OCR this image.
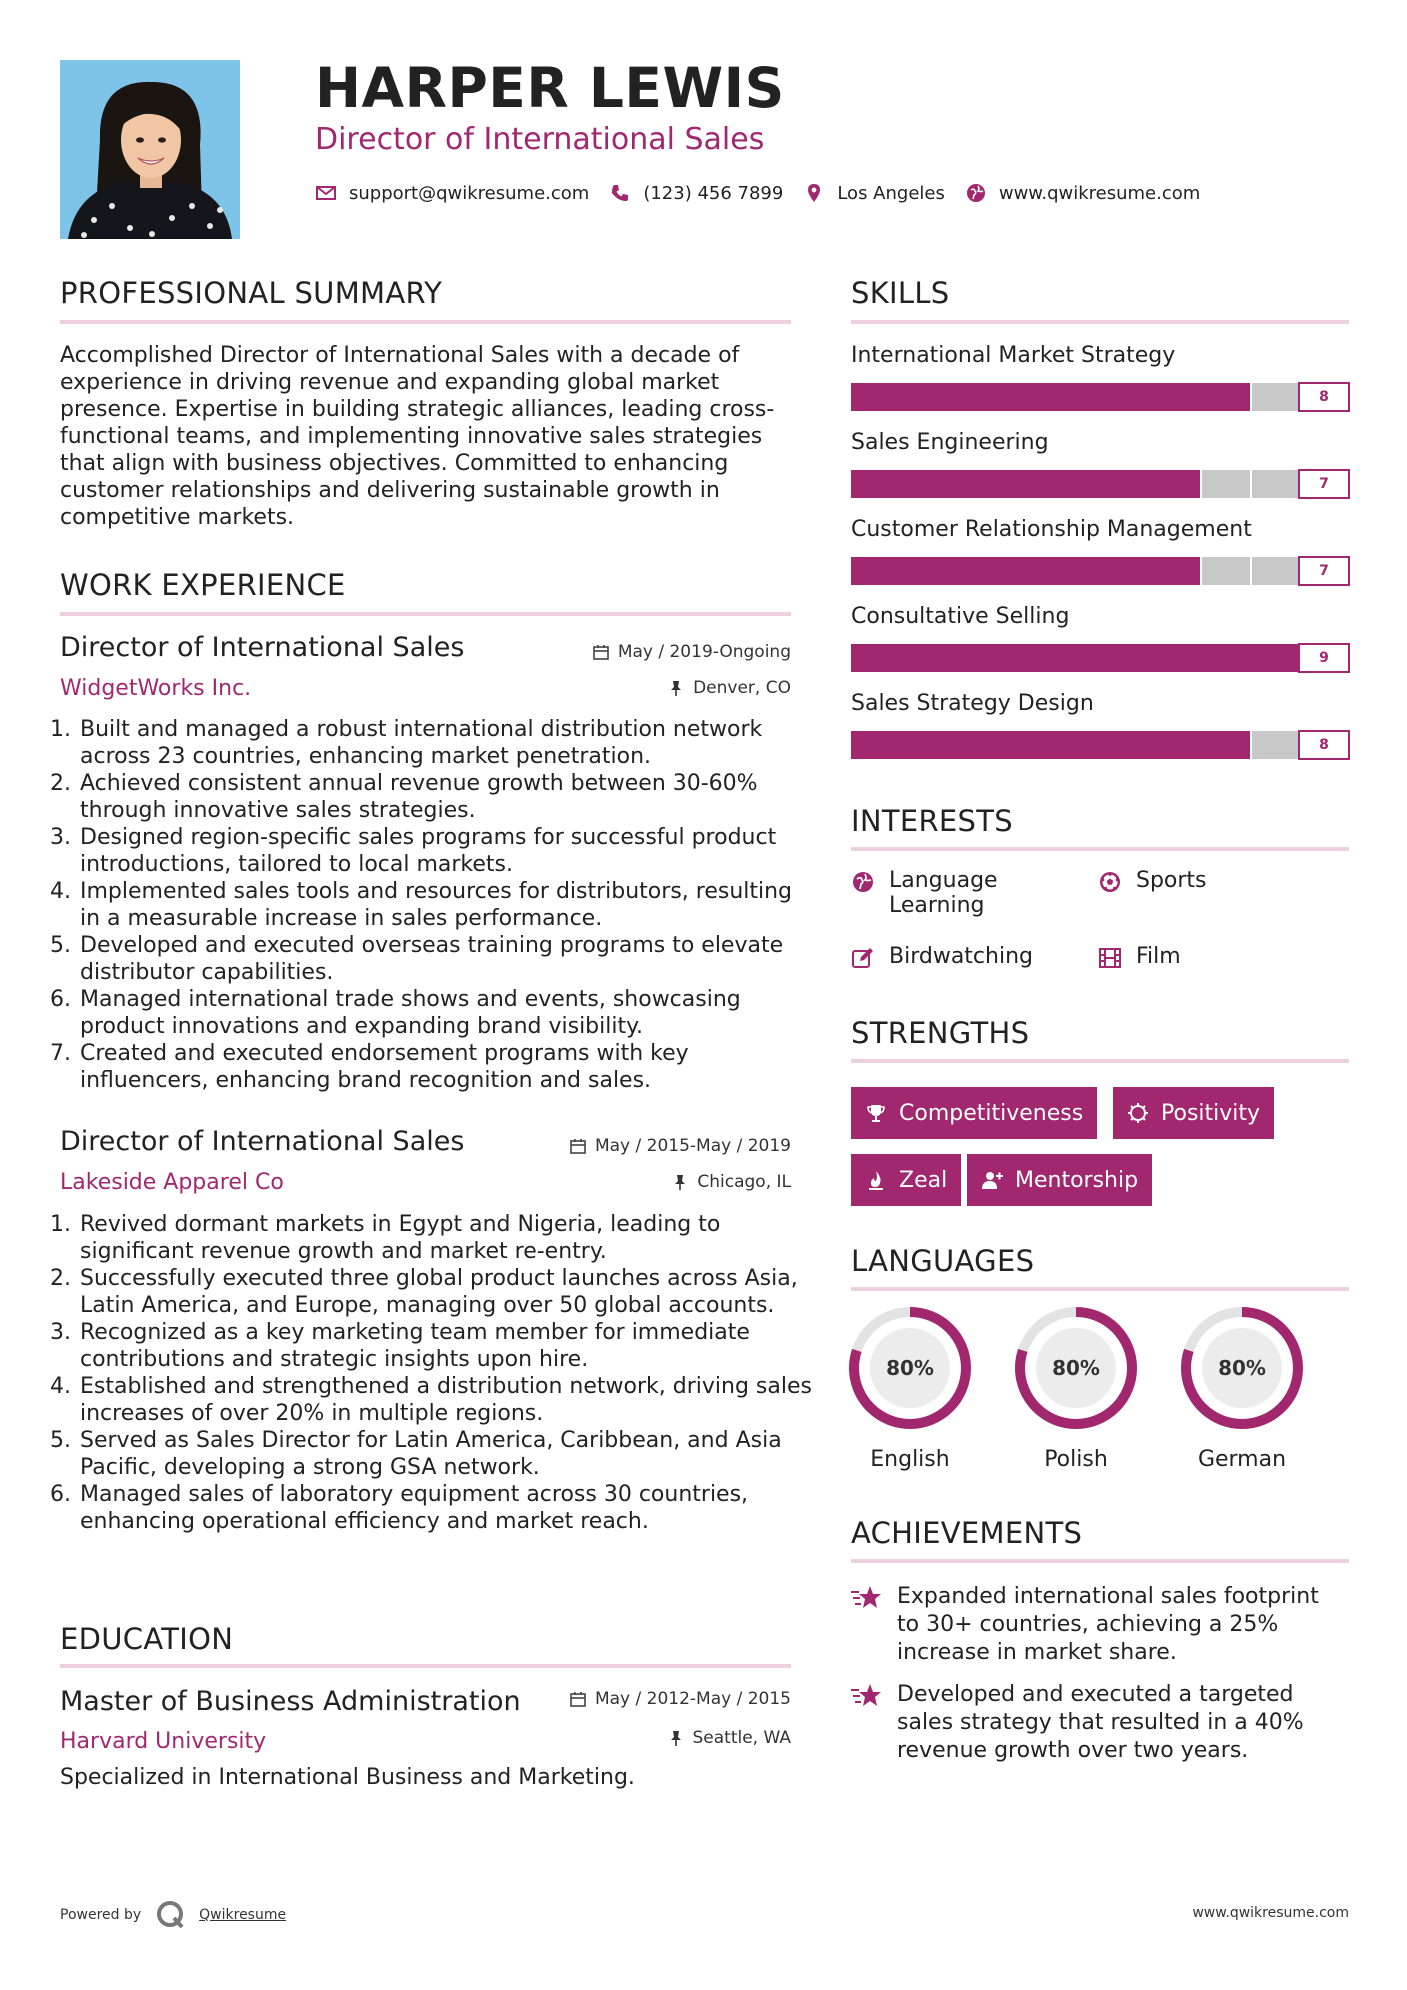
HARPER LEWIS
Director of International Sales
support@qwikresume.com	(123) 456 7899	Los Angeles	www.qwikresume.com
PROFESSIONAL SUMMARY
Accomplished Director of International Sales with a decade of experience in driving revenue and expanding global market presence. Expertise in building strategic alliances, leading cross-functional teams, and implementing innovative sales strategies that align with business objectives. Committed to enhancing customer relationships and delivering sustainable growth in competitive markets.
WORK EXPERIENCE
Director of International Sales	May / 2019-Ongoing
WidgetWorks Inc.	Denver, CO
1. Built and managed a robust international distribution network across 23 countries, enhancing market penetration.
2. Achieved consistent annual revenue growth between 30-60% through innovative sales strategies.
3. Designed region-specific sales programs for successful product introductions, tailored to local markets.
4. Implemented sales tools and resources for distributors, resulting in a measurable increase in sales performance.
5. Developed and executed overseas training programs to elevate distributor capabilities.
6. Managed international trade shows and events, showcasing product innovations and expanding brand visibility.
7. Created and executed endorsement programs with key influencers, enhancing brand recognition and sales.
Director of International Sales	May / 2015-May / 2019
Lakeside Apparel Co	Chicago, IL
1. Revived dormant markets in Egypt and Nigeria, leading to significant revenue growth and market re-entry.
2. Successfully executed three global product launches across Asia, Latin America, and Europe, managing over 50 global accounts.
3. Recognized as a key marketing team member for immediate contributions and strategic insights upon hire.
4. Established and strengthened a distribution network, driving sales increases of over 20% in multiple regions.
5. Served as Sales Director for Latin America, Caribbean, and Asia Pacific, developing a strong GSA network.
6. Managed sales of laboratory equipment across 30 countries, enhancing operational efficiency and market reach.
EDUCATION
Master of Business Administration	May / 2012-May / 2015
Harvard University	Seattle, WA
Specialized in International Business and Marketing.
SKILLS
International Market Strategy
8
Sales Engineering
7
Customer Relationship Management
7
Consultative Selling
9
Sales Strategy Design
8
INTERESTS
Language Learning
Sports
Birdwatching	Film
STRENGTHS
Competitiveness	Positivity
Zeal	Mentorship
LANGUAGES
80%
English
80%
Polish
80%
German
ACHIEVEMENTS
Expanded international sales footprint to 30+ countries, achieving a 25% increase in market share.
Developed and executed a targeted sales strategy that resulted in a 40% revenue growth over two years.
Powered by	Qwikresume	www.qwikresume.com
